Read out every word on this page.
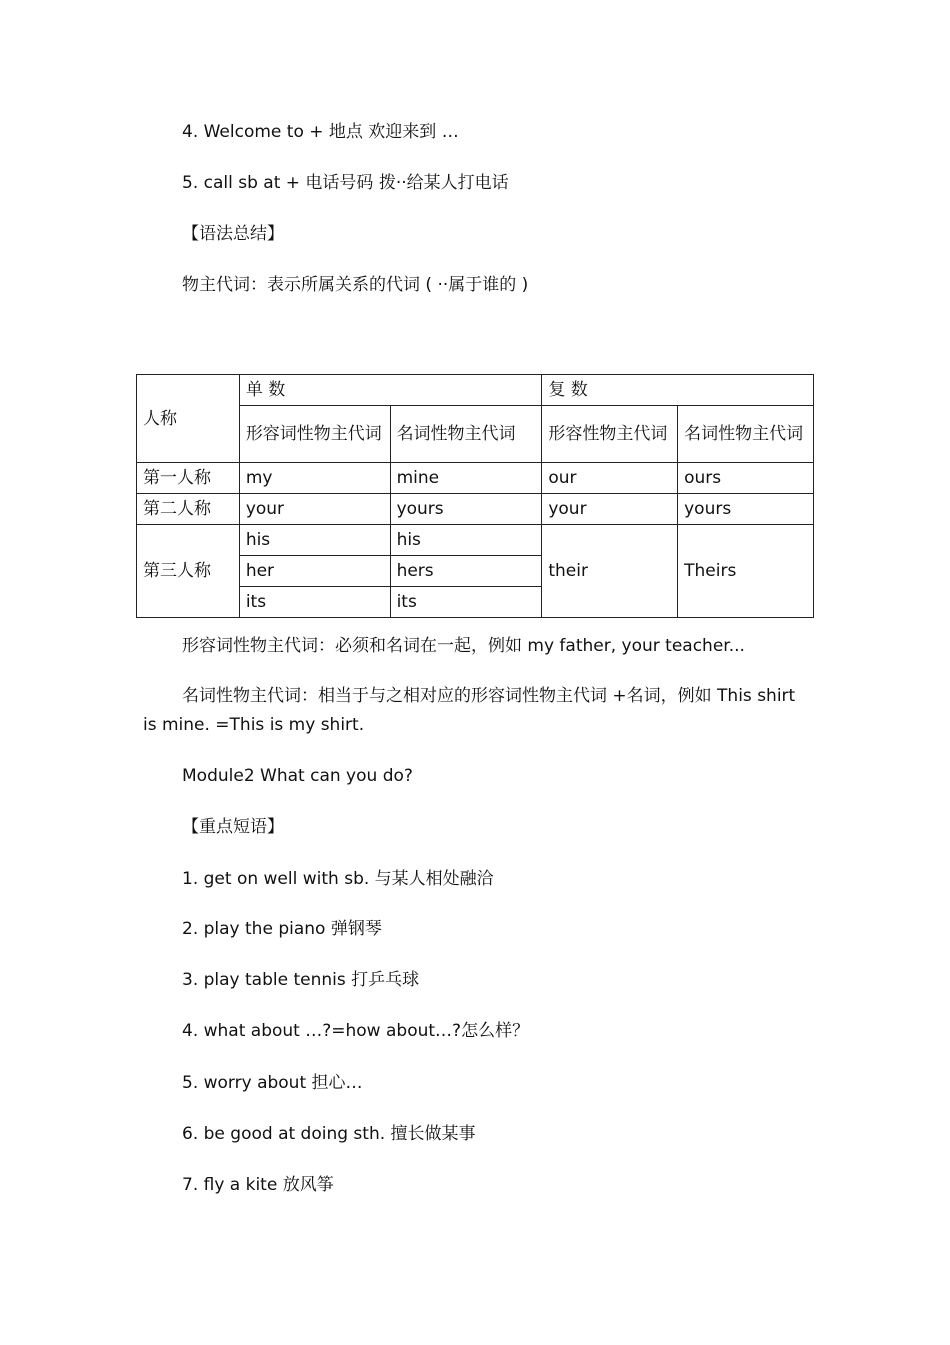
4. Welcome to + 地点 欢迎来到 …
5. call sb at + 电话号码 拨··给某人打电话
【语法总结】
物主代词：表示所属关系的代词 ( ··属于谁的 )
人称	单 数		复 数	
	形容词性物主代词	名词性物主代词	形容性物主代词	名词性物主代词
第一人称	my	mine	our	ours
第二人称	your	yours	your	yours
第三人称	his	his	their	Theirs
	her	hers		
	its	its		
形容词性物主代词：必须和名词在一起，例如 my father, your teacher...
名词性物主代词：相当于与之相对应的形容词性物主代词 +名词，例如 This shirt is mine. =This is my shirt.
Module2 What can you do?
【重点短语】
1. get on well with sb. 与某人相处融洽
2. play the piano 弹钢琴
3. play table tennis 打乒乓球
4. what about …?=how about…?怎么样？
5. worry about 担心…
6. be good at doing sth. 擅长做某事
7. fly a kite 放风筝
